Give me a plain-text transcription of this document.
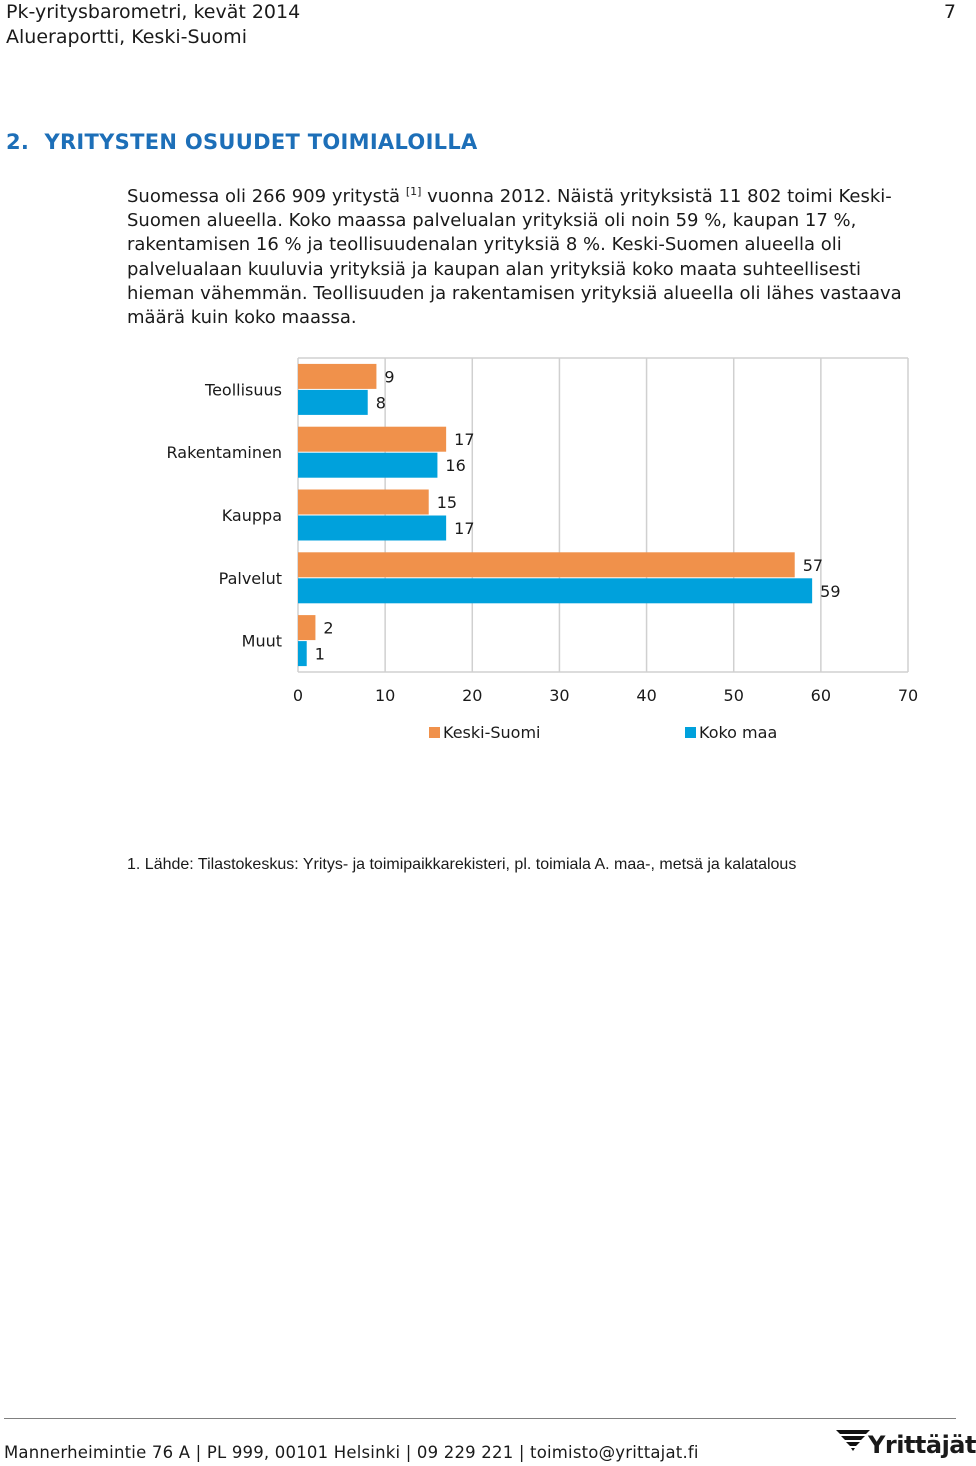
Pk-yritysbarometri, kevät 2014
Alueraportti, Keski-Suomi
7
2. YRITYSTEN OSUUDET TOIMIALOILLA

Suomessa oli 266 909 yritystä [1] vuonna 2012. Näistä yrityksistä 11 802 toimi Keski-Suomen alueella. Koko maassa palvelualan yrityksiä oli noin 59 %, kaupan 17 %, rakentamisen 16 % ja teollisuudenalan yrityksiä 8 %. Keski-Suomen alueella oli palvelualaan kuuluvia yrityksiä ja kaupan alan yrityksiä koko maata suhteellisesti hieman vähemmän. Teollisuuden ja rakentamisen yrityksiä alueella oli lähes vastaava määrä kuin koko maassa.

0	10	20	30	40	50	60	70
Teollisuus
9
8
Rakentaminen
17
16
Kauppa
15
17
Palvelut
57
59
Muut
2
1
Keski-Suomi	Koko maa
1. Lähde: Tilastokeskus: Yritys- ja toimipaikkarekisteri, pl. toimiala A. maa-, metsä ja kalatalous
Mannerheimintie 76 A | PL 999, 00101 Helsinki | 09 229 221 | toimisto@yrittajat.fi	Yrittäjät
